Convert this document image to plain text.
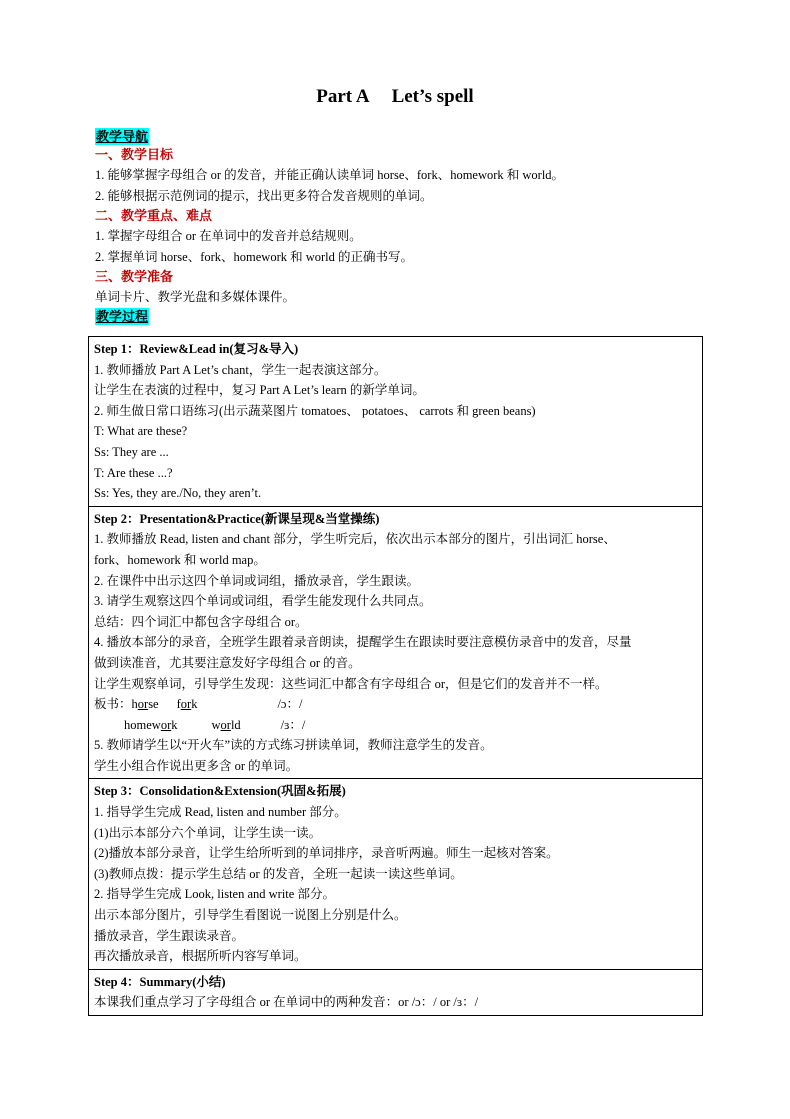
Part A Let’s spell
教学导航
一、教学目标
1. 能够掌握字母组合 or 的发音，并能正确认读单词 horse、fork、homework 和 world。
2. 能够根据示范例词的提示，找出更多符合发音规则的单词。
二、教学重点、难点
1. 掌握字母组合 or 在单词中的发音并总结规则。
2. 掌握单词 horse、fork、homework 和 world 的正确书写。
三、教学准备
单词卡片、教学光盘和多媒体课件。
教学过程
Step 1：Review&Lead in(复习&导入)
1. 教师播放 Part A Let’s chant，学生一起表演这部分。
让学生在表演的过程中，复习 Part A Let’s learn 的新学单词。
2. 师生做日常口语练习(出示蔬菜图片 tomatoes、 potatoes、 carrots 和 green beans)
T: What are these?
Ss: They are ...
T: Are these ...?
Ss: Yes, they are./No, they aren’t.

Step 2：Presentation&Practice(新课呈现&当堂操练)
1. 教师播放 Read, listen and chant 部分，学生听完后，依次出示本部分的图片，引出词汇 horse、
fork、homework 和 world map。
2. 在课件中出示这四个单词或词组，播放录音，学生跟读。
3. 请学生观察这四个单词或词组，看学生能发现什么共同点。
总结：四个词汇中都包含字母组合 or。
4. 播放本部分的录音，全班学生跟着录音朗读，提醒学生在跟读时要注意模仿录音中的发音，尽量
做到读准音，尤其要注意发好字母组合 or 的音。
让学生观察单词，引导学生发现：这些词汇中都含有字母组合 or，但是它们的发音并不一样。
板书：horse fork	/ɔ：/
homework	world	/ɜ：/
5. 教师请学生以“开火车”读的方式练习拼读单词，教师注意学生的发音。
学生小组合作说出更多含 or 的单词。

Step 3：Consolidation&Extension(巩固&拓展)
1. 指导学生完成 Read, listen and number 部分。
(1)出示本部分六个单词，让学生读一读。
(2)播放本部分录音，让学生给所听到的单词排序，录音听两遍。师生一起核对答案。
(3)教师点拨：提示学生总结 or 的发音，全班一起读一读这些单词。
2. 指导学生完成 Look, listen and write 部分。
出示本部分图片，引导学生看图说一说图上分别是什么。
播放录音，学生跟读录音。
再次播放录音，根据所听内容写单词。

Step 4：Summary(小结)
本课我们重点学习了字母组合 or 在单词中的两种发音：or /ɔ：/ or /ɜ：/
